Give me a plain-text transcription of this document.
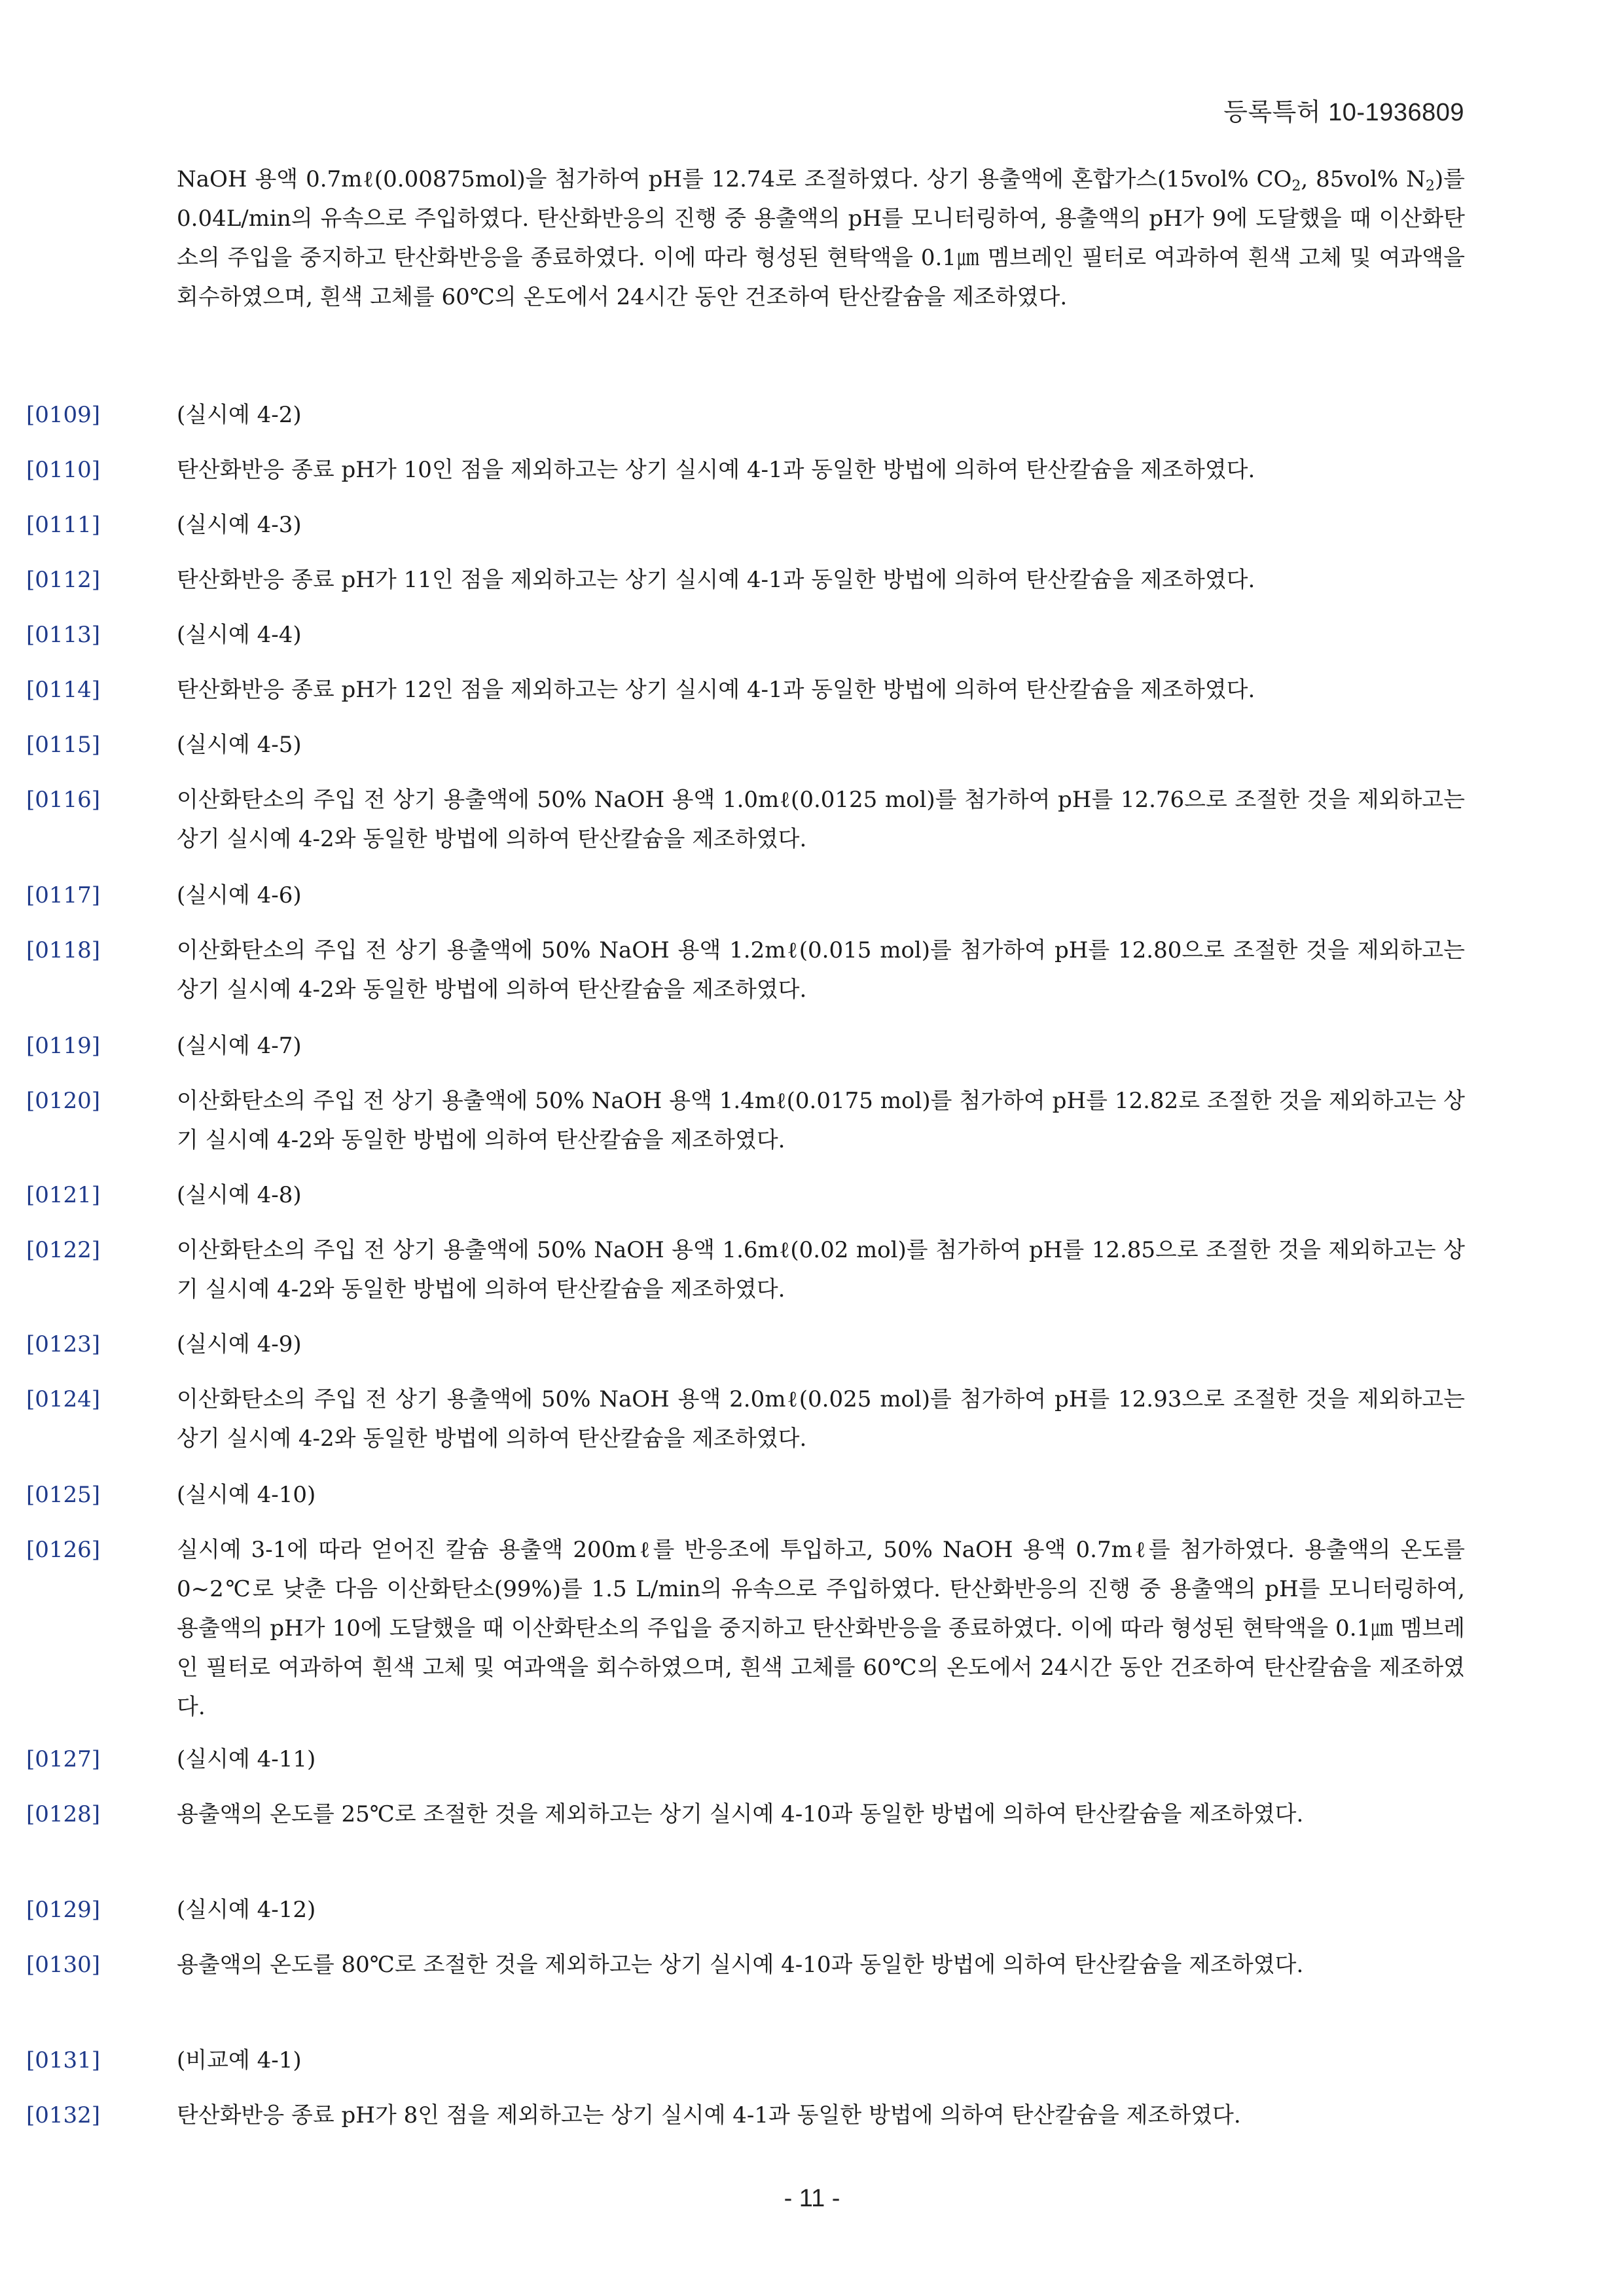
등록특허 10-1936809
NaOH 용액 0.7mℓ(0.00875mol)을 첨가하여 pH를 12.74로 조절하였다. 상기 용출액에 혼합가스(15vol% $CO_2$, 85vol% $N_2$)를 0.04L/min의 유속으로 주입하였다. 탄산화반응의 진행 중 용출액의 pH를 모니터링하여, 용출액의 pH가 9에 도달했을 때 이산화탄소의 주입을 중지하고 탄산화반응을 종료하였다. 이에 따라 형성된 현탁액을 0.1㎛ 멤브레인 필터로 여과하여 흰색 고체 및 여과액을 회수하였으며, 흰색 고체를 60℃의 온도에서 24시간 동안 건조하여 탄산칼슘을 제조하였다.
[0109]	(실시예 4-2)
[0110]	탄산화반응 종료 pH가 10인 점을 제외하고는 상기 실시예 4-1과 동일한 방법에 의하여 탄산칼슘을 제조하였다.
[0111]	(실시예 4-3)
[0112]	탄산화반응 종료 pH가 11인 점을 제외하고는 상기 실시예 4-1과 동일한 방법에 의하여 탄산칼슘을 제조하였다.
[0113]	(실시예 4-4)
[0114]	탄산화반응 종료 pH가 12인 점을 제외하고는 상기 실시예 4-1과 동일한 방법에 의하여 탄산칼슘을 제조하였다.
[0115]	(실시예 4-5)
[0116]	이산화탄소의 주입 전 상기 용출액에 50% NaOH 용액 1.0mℓ(0.0125 mol)를 첨가하여 pH를 12.76으로 조절한 것을 제외하고는 상기 실시예 4-2와 동일한 방법에 의하여 탄산칼슘을 제조하였다.
[0117]	(실시예 4-6)
[0118]	이산화탄소의 주입 전 상기 용출액에 50% NaOH 용액 1.2mℓ(0.015 mol)를 첨가하여 pH를 12.80으로 조절한 것을 제외하고는 상기 실시예 4-2와 동일한 방법에 의하여 탄산칼슘을 제조하였다.
[0119]	(실시예 4-7)
[0120]	이산화탄소의 주입 전 상기 용출액에 50% NaOH 용액 1.4mℓ(0.0175 mol)를 첨가하여 pH를 12.82로 조절한 것을 제외하고는 상기 실시예 4-2와 동일한 방법에 의하여 탄산칼슘을 제조하였다.
[0121]	(실시예 4-8)
[0122]	이산화탄소의 주입 전 상기 용출액에 50% NaOH 용액 1.6mℓ(0.02 mol)를 첨가하여 pH를 12.85으로 조절한 것을 제외하고는 상기 실시예 4-2와 동일한 방법에 의하여 탄산칼슘을 제조하였다.
[0123]	(실시예 4-9)
[0124]	이산화탄소의 주입 전 상기 용출액에 50% NaOH 용액 2.0mℓ(0.025 mol)를 첨가하여 pH를 12.93으로 조절한 것을 제외하고는 상기 실시예 4-2와 동일한 방법에 의하여 탄산칼슘을 제조하였다.
[0125]	(실시예 4-10)
[0126]	실시예 3-1에 따라 얻어진 칼슘 용출액 200mℓ를 반응조에 투입하고, 50% NaOH 용액 0.7mℓ를 첨가하였다. 용출액의 온도를 0~2℃로 낮춘 다음 이산화탄소(99%)를 1.5 L/min의 유속으로 주입하였다. 탄산화반응의 진행 중 용출액의 pH를 모니터링하여, 용출액의 pH가 10에 도달했을 때 이산화탄소의 주입을 중지하고 탄산화반응을 종료하였다. 이에 따라 형성된 현탁액을 0.1㎛ 멤브레인 필터로 여과하여 흰색 고체 및 여과액을 회수하였으며, 흰색 고체를 60℃의 온도에서 24시간 동안 건조하여 탄산칼슘을 제조하였다.
[0127]	(실시예 4-11)
[0128]	용출액의 온도를 25℃로 조절한 것을 제외하고는 상기 실시예 4-10과 동일한 방법에 의하여 탄산칼슘을 제조하였다.
[0129]	(실시예 4-12)
[0130]	용출액의 온도를 80℃로 조절한 것을 제외하고는 상기 실시예 4-10과 동일한 방법에 의하여 탄산칼슘을 제조하였다.
[0131]	(비교예 4-1)
[0132]	탄산화반응 종료 pH가 8인 점을 제외하고는 상기 실시예 4-1과 동일한 방법에 의하여 탄산칼슘을 제조하였다.
- 11 -
